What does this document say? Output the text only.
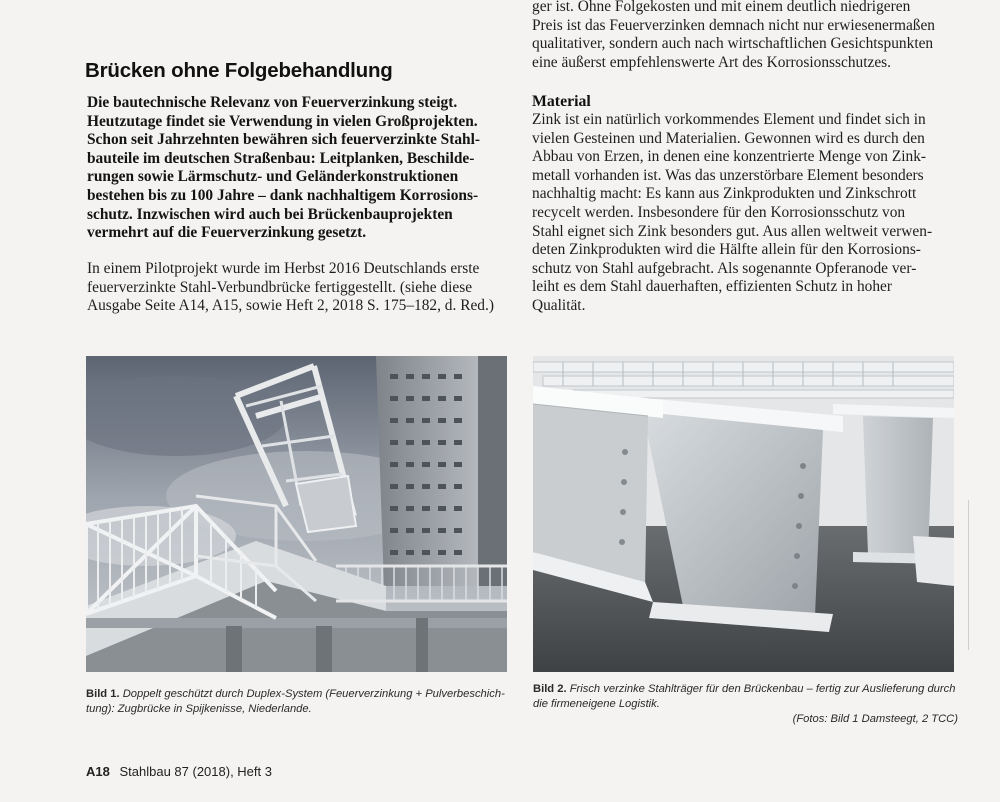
Brücken ohne Folgebehandlung

Die bautechnische Relevanz von Feuerverzinkung steigt.
Heutzutage findet sie Verwendung in vielen Großprojekten.
Schon seit Jahrzehnten bewähren sich feuerverzinkte Stahl-
bauteile im deutschen Straßenbau: Leitplanken, Beschilde-
rungen sowie Lärmschutz- und Geländerkonstruktionen
bestehen bis zu 100 Jahre – dank nachhaltigem Korrosions-
schutz. Inzwischen wird auch bei Brückenbauprojekten
vermehrt auf die Feuerverzinkung gesetzt.

In einem Pilotprojekt wurde im Herbst 2016 Deutschlands erste
feuerverzinkte Stahl-Verbundbrücke fertiggestellt. (siehe diese
Ausgabe Seite A14, A15, sowie Heft 2, 2018 S. 175–182, d. Red.)

ger ist. Ohne Folgekosten und mit einem deutlich niedrigeren
Preis ist das Feuerverzinken demnach nicht nur erwiesenermaßen
qualitativer, sondern auch nach wirtschaftlichen Gesichtspunkten
eine äußerst empfehlenswerte Art des Korrosionsschutzes.

Material

Zink ist ein natürlich vorkommendes Element und findet sich in
vielen Gesteinen und Materialien. Gewonnen wird es durch den
Abbau von Erzen, in denen eine konzentrierte Menge von Zink-
metall vorhanden ist. Was das unzerstörbare Element besonders
nachhaltig macht: Es kann aus Zinkprodukten und Zinkschrott
recycelt werden. Insbesondere für den Korrosionsschutz von
Stahl eignet sich Zink besonders gut. Aus allen weltweit verwen-
deten Zinkprodukten wird die Hälfte allein für den Korrosions-
schutz von Stahl aufgebracht. Als sogenannte Opferanode ver-
leiht es dem Stahl dauerhaften, effizienten Schutz in hoher
Qualität.

Bild 1. Doppelt geschützt durch Duplex-System (Feuerverzinkung + Pulverbeschich-
tung): Zugbrücke in Spijkenisse, Niederlande.

Bild 2. Frisch verzinke Stahlträger für den Brückenbau – fertig zur Auslieferung durch
die firmeneigene Logistik.
(Fotos: Bild 1 Damsteegt, 2 TCC)

A18 Stahlbau 87 (2018), Heft 3
